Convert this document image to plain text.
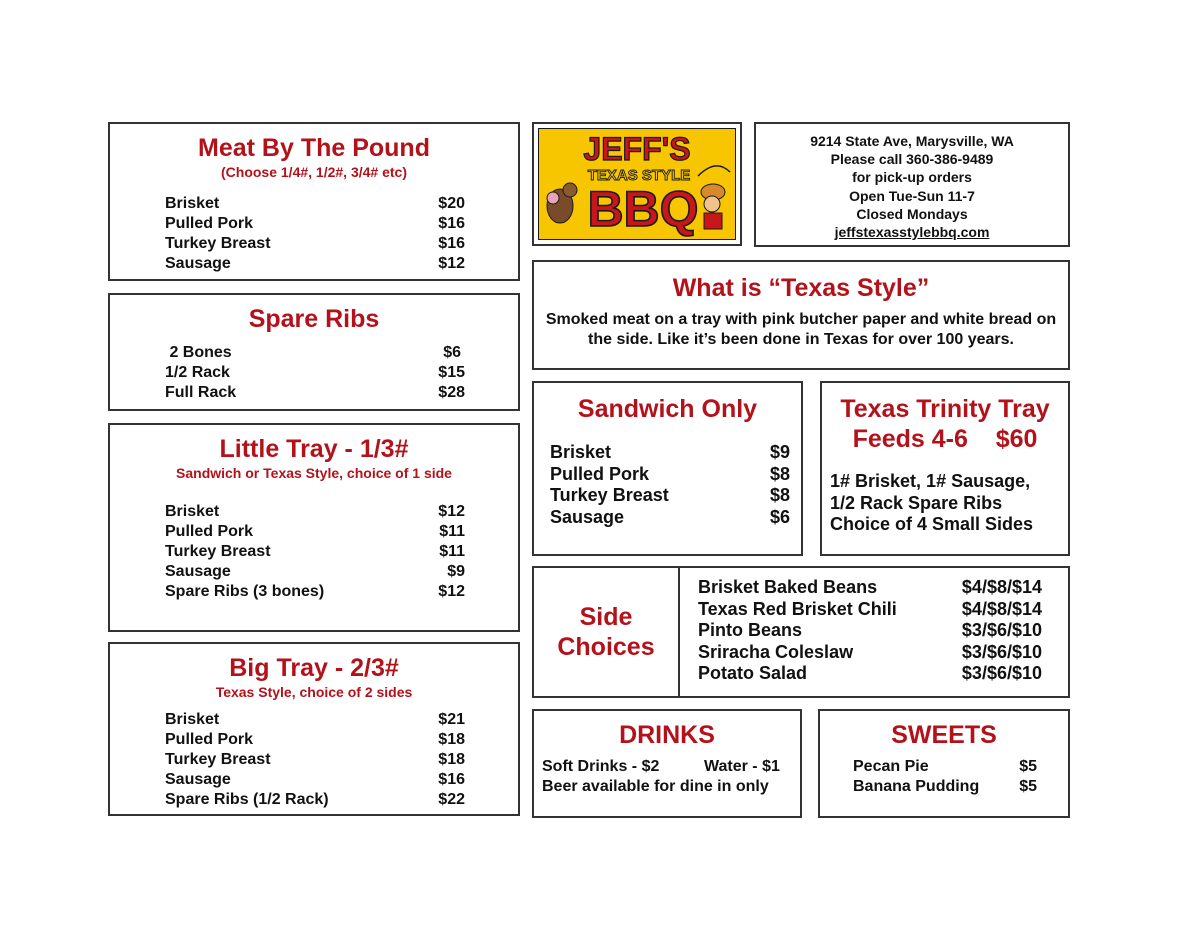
Meat By The Pound
(Choose 1/4#, 1/2#, 3/4# etc)
Brisket	$20
Pulled Pork	$16
Turkey Breast	$16
Sausage	$12
Spare Ribs
2 Bones	$6
1/2 Rack	$15
Full Rack	$28
Little Tray - 1/3#
Sandwich or Texas Style, choice of 1 side
Brisket	$12
Pulled Pork	$11
Turkey Breast	$11
Sausage	$9
Spare Ribs (3 bones)	$12
Big Tray - 2/3#
Texas Style, choice of 2 sides
Brisket	$21
Pulled Pork	$18
Turkey Breast	$18
Sausage	$16
Spare Ribs (1/2 Rack)	$22
JEFF'S
TEXAS STYLE
BBQ
9214 State Ave, Marysville, WA
Please call 360-386-9489
for pick-up orders
Open Tue-Sun 11-7
Closed Mondays
jeffstexasstylebbq.com
What is “Texas Style”
Smoked meat on a tray with pink butcher paper and white bread on the side. Like it’s been done in Texas for over 100 years.
Sandwich Only
Brisket	$9
Pulled Pork	$8
Turkey Breast	$8
Sausage	$6
Texas Trinity Tray
Feeds 4-6    $60
1# Brisket, 1# Sausage,
1/2 Rack Spare Ribs
Choice of 4 Small Sides
Side
Choices
Brisket Baked Beans	$4/$8/$14
Texas Red Brisket Chili	$4/$8/$14
Pinto Beans	$3/$6/$10
Sriracha Coleslaw	$3/$6/$10
Potato Salad	$3/$6/$10
DRINKS
Soft Drinks - $2	Water - $1
Beer available for dine in only
SWEETS
Pecan Pie	$5
Banana Pudding $5
